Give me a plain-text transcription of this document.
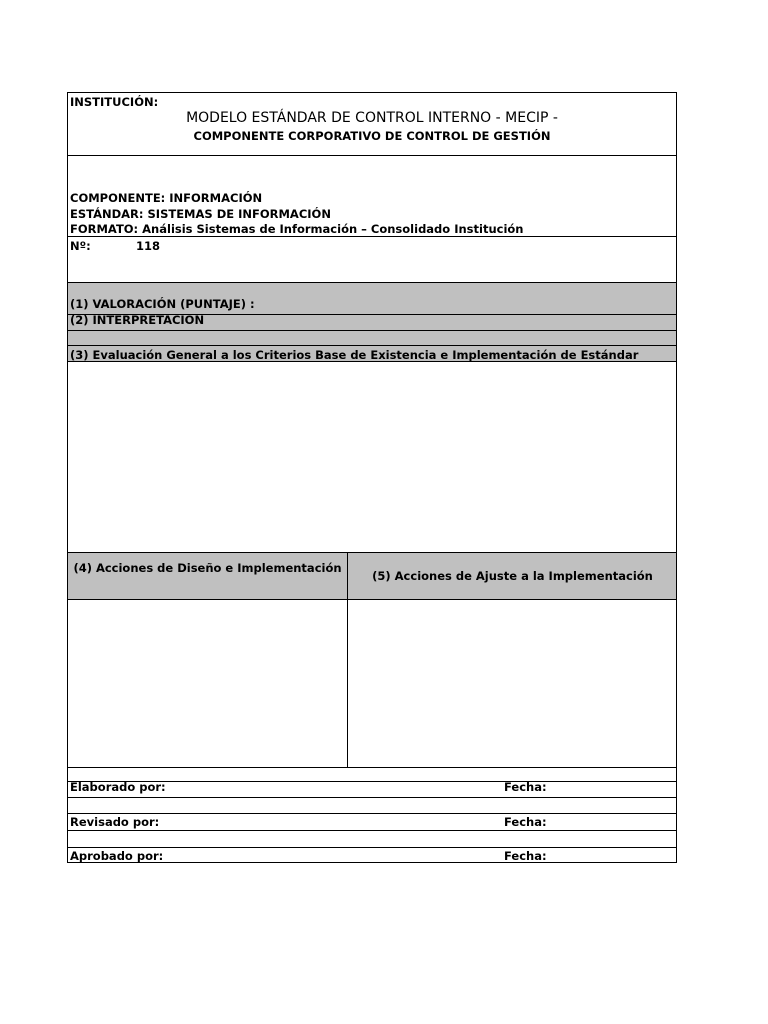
INSTITUCIÓN:
MODELO ESTÁNDAR DE CONTROL INTERNO - MECIP -
COMPONENTE CORPORATIVO DE CONTROL DE GESTIÓN
COMPONENTE: INFORMACIÓN
ESTÁNDAR: SISTEMAS DE INFORMACIÓN
FORMATO: Análisis Sistemas de Información – Consolidado Institución
Nº:	118
(1) VALORACIÓN (PUNTAJE) :
(2) INTERPRETACION
(3) Evaluación General a los Criterios Base de Existencia e Implementación de Estándar
(4) Acciones de Diseño e Implementación
(5) Acciones de Ajuste a la Implementación
Elaborado por:	Fecha:
Revisado por:	Fecha:
Aprobado por:	Fecha:
